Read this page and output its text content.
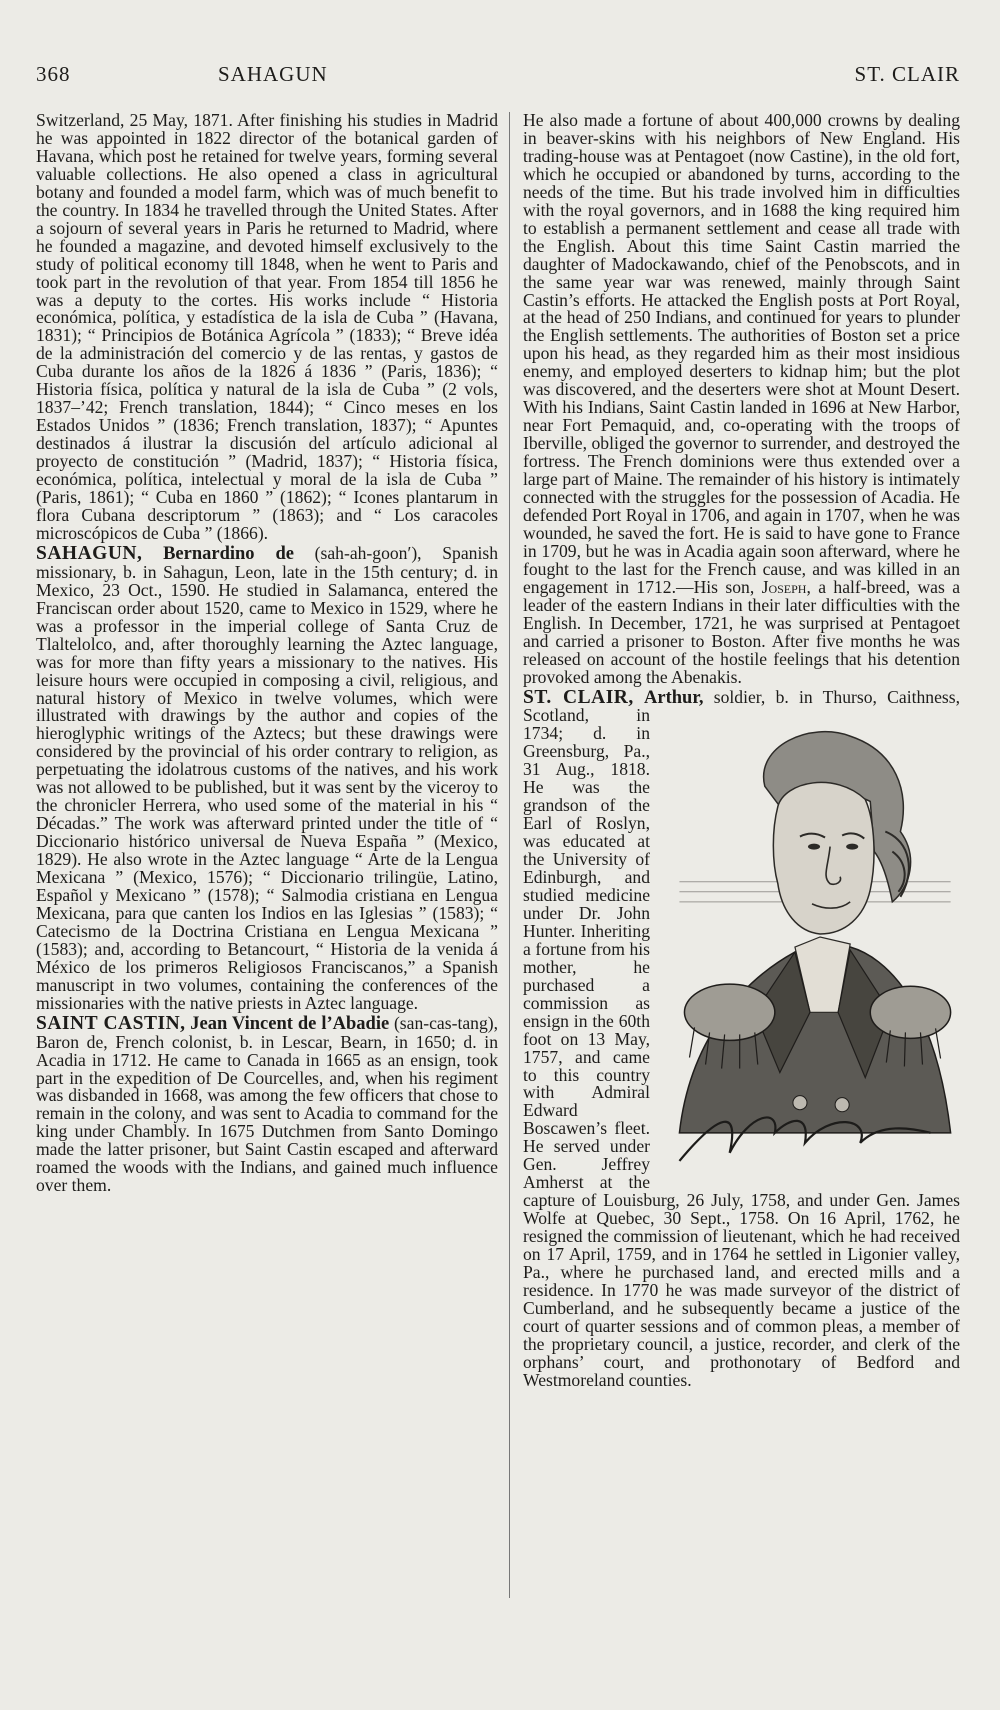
368	SAHAGUN	ST. CLAIR

Switzerland, 25 May, 1871. After finishing his studies in Madrid he was appointed in 1822 director of the botanical garden of Havana, which post he retained for twelve years, forming several valuable collections. He also opened a class in agricultural botany and founded a model farm, which was of much benefit to the country. In 1834 he travelled through the United States. After a sojourn of several years in Paris he returned to Madrid, where he founded a magazine, and devoted himself exclusively to the study of political economy till 1848, when he went to Paris and took part in the revolution of that year. From 1854 till 1856 he was a deputy to the cortes. His works include “ Historia económica, política, y estadística de la isla de Cuba ” (Havana, 1831); “ Principios de Botánica Agrícola ” (1833); “ Breve idéa de la administración del comercio y de las rentas, y gastos de Cuba durante los años de la 1826 á 1836 ” (Paris, 1836); “ Historia física, política y natural de la isla de Cuba ” (2 vols, 1837–’42; French translation, 1844); “ Cinco meses en los Estados Unidos ” (1836; French translation, 1837); “ Apuntes destinados á ilustrar la discusión del artículo adicional al proyecto de constitución ” (Madrid, 1837); “ Historia física, económica, política, intelectual y moral de la isla de Cuba ” (Paris, 1861); “ Cuba en 1860 ” (1862); “ Icones plantarum in flora Cubana descriptorum ” (1863); and “ Los caracoles microscópicos de Cuba ” (1866).

SAHAGUN, Bernardino de (sah-ah-goon′), Spanish missionary, b. in Sahagun, Leon, late in the 15th century; d. in Mexico, 23 Oct., 1590. He studied in Salamanca, entered the Franciscan order about 1520, came to Mexico in 1529, where he was a professor in the imperial college of Santa Cruz de Tlaltelolco, and, after thoroughly learning the Aztec language, was for more than fifty years a missionary to the natives. His leisure hours were occupied in composing a civil, religious, and natural history of Mexico in twelve volumes, which were illustrated with drawings by the author and copies of the hieroglyphic writings of the Aztecs; but these drawings were considered by the provincial of his order contrary to religion, as perpetuating the idolatrous customs of the natives, and his work was not allowed to be published, but it was sent by the viceroy to the chronicler Herrera, who used some of the material in his “ Décadas.” The work was afterward printed under the title of “ Diccionario histórico universal de Nueva España ” (Mexico, 1829). He also wrote in the Aztec language “ Arte de la Lengua Mexicana ” (Mexico, 1576); “ Diccionario trilingüe, Latino, Español y Mexicano ” (1578); “ Salmodia cristiana en Lengua Mexicana, para que canten los Indios en las Iglesias ” (1583); “ Catecismo de la Doctrina Cristiana en Lengua Mexicana ” (1583); and, according to Betancourt, “ Historia de la venida á México de los primeros Religiosos Franciscanos,” a Spanish manuscript in two volumes, containing the conferences of the missionaries with the native priests in Aztec language.

SAINT CASTIN, Jean Vincent de l’Abadie (san-cas-tang), Baron de, French colonist, b. in Lescar, Bearn, in 1650; d. in Acadia in 1712. He came to Canada in 1665 as an ensign, took part in the expedition of De Courcelles, and, when his regiment was disbanded in 1668, was among the few officers that chose to remain in the colony, and was sent to Acadia to command for the king under Chambly. In 1675 Dutchmen from Santo Domingo made the latter prisoner, but Saint Castin escaped and afterward roamed the woods with the Indians, and gained much influence over them.

He also made a fortune of about 400,000 crowns by dealing in beaver-skins with his neighbors of New England. His trading-house was at Pentagoet (now Castine), in the old fort, which he occupied or abandoned by turns, according to the needs of the time. But his trade involved him in difficulties with the royal governors, and in 1688 the king required him to establish a permanent settlement and cease all trade with the English. About this time Saint Castin married the daughter of Madockawando, chief of the Penobscots, and in the same year war was renewed, mainly through Saint Castin’s efforts. He attacked the English posts at Port Royal, at the head of 250 Indians, and continued for years to plunder the English settlements. The authorities of Boston set a price upon his head, as they regarded him as their most insidious enemy, and employed deserters to kidnap him; but the plot was discovered, and the deserters were shot at Mount Desert. With his Indians, Saint Castin landed in 1696 at New Harbor, near Fort Pemaquid, and, co-operating with the troops of Iberville, obliged the governor to surrender, and destroyed the fortress. The French dominions were thus extended over a large part of Maine. The remainder of his history is intimately connected with the struggles for the possession of Acadia. He defended Port Royal in 1706, and again in 1707, when he was wounded, he saved the fort. He is said to have gone to France in 1709, but he was in Acadia again soon afterward, where he fought to the last for the French cause, and was killed in an engagement in 1712.—His son, Joseph, a half-breed, was a leader of the eastern Indians in their later difficulties with the English. In December, 1721, he was surprised at Pentagoet and carried a prisoner to Boston. After five months he was released on account of the hostile feelings that his detention provoked among the Abenakis.

ST. CLAIR, Arthur, soldier, b. in Thurso, Caithness, Scotland, in 1734; d. in Greensburg, Pa., 31 Aug., 1818. He was the grandson of the Earl of Roslyn, was educated at the University of Edinburgh, and studied medicine under Dr. John Hunter. Inheriting a fortune from his mother, he purchased a commission as ensign in the 60th foot on 13 May, 1757, and came to this country with Admiral Edward Boscawen’s fleet. He served under Gen. Jeffrey Amherst at the capture of Louisburg, 26 July, 1758, and under Gen. James Wolfe at Quebec, 30 Sept., 1758. On 16 April, 1762, he resigned the commission of lieutenant, which he had received on 17 April, 1759, and in 1764 he settled in Ligonier valley, Pa., where he purchased land, and erected mills and a residence. In 1770 he was made surveyor of the district of Cumberland, and he subsequently became a justice of the court of quarter sessions and of common pleas, a member of the proprietary council, a justice, recorder, and clerk of the orphans’ court, and prothonotary of Bedford and Westmoreland counties.
